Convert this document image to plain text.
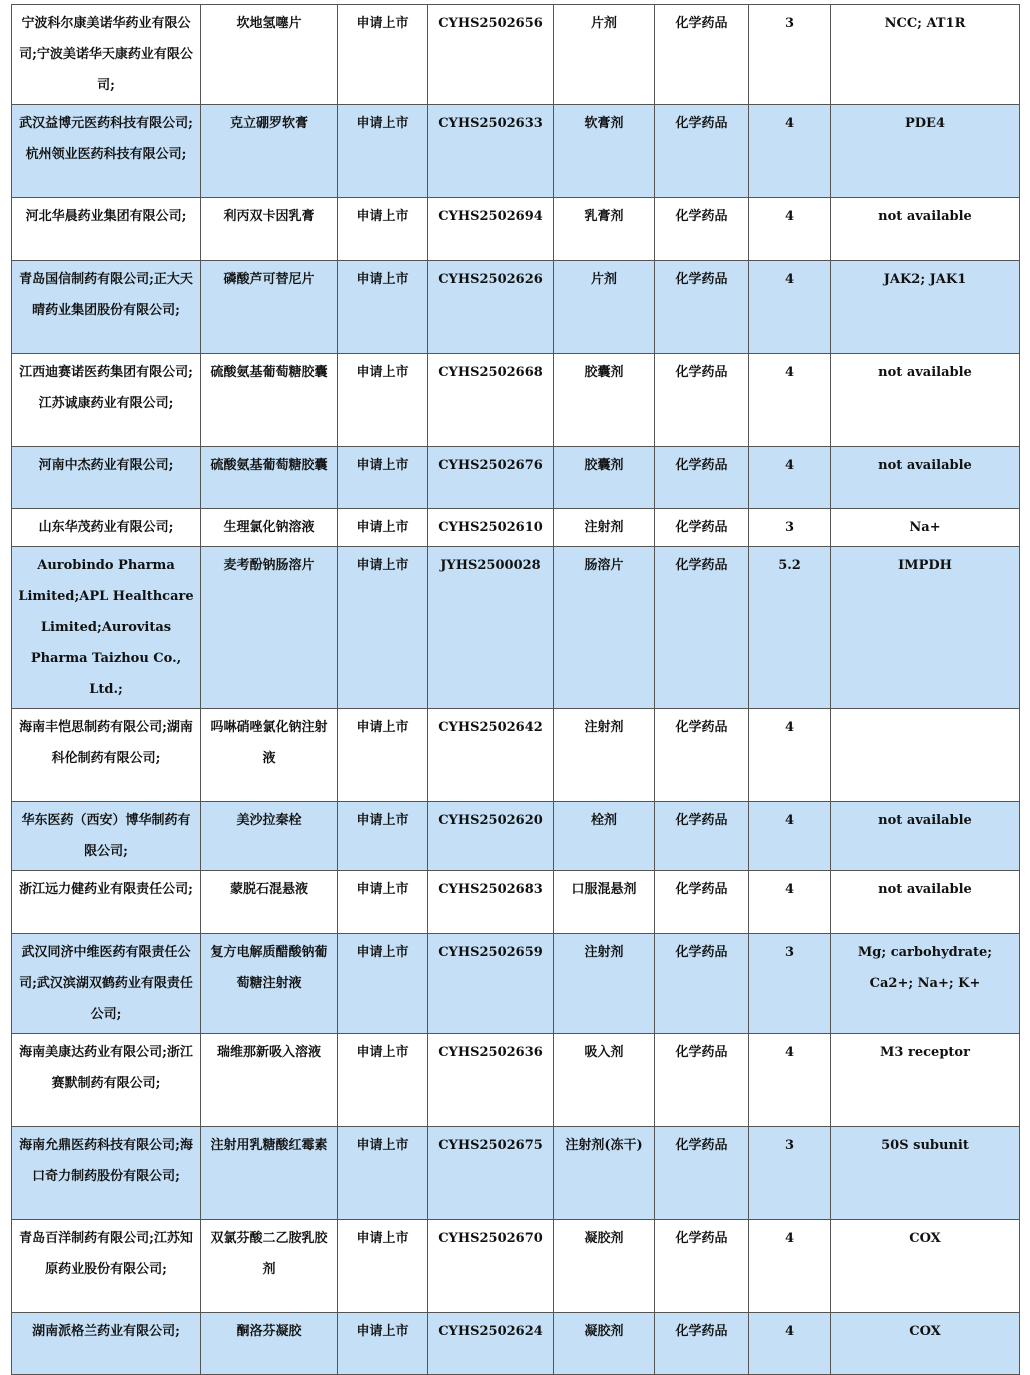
宁波科尔康美诺华药业有限公司;宁波美诺华天康药业有限公司;	坎地氢噻片	申请上市	CYHS2502656	片剂	化学药品	3	NCC; AT1R
武汉益博元医药科技有限公司;杭州领业医药科技有限公司;	克立硼罗软膏	申请上市	CYHS2502633	软膏剂	化学药品	4	PDE4
河北华晨药业集团有限公司;	利丙双卡因乳膏	申请上市	CYHS2502694	乳膏剂	化学药品	4	not available
青岛国信制药有限公司;正大天晴药业集团股份有限公司;	磷酸芦可替尼片	申请上市	CYHS2502626	片剂	化学药品	4	JAK2; JAK1
江西迪赛诺医药集团有限公司;江苏诚康药业有限公司;	硫酸氨基葡萄糖胶囊	申请上市	CYHS2502668	胶囊剂	化学药品	4	not available
河南中杰药业有限公司;	硫酸氨基葡萄糖胶囊	申请上市	CYHS2502676	胶囊剂	化学药品	4	not available
山东华茂药业有限公司;	生理氯化钠溶液	申请上市	CYHS2502610	注射剂	化学药品	3	Na+
Aurobindo Pharma Limited;APL Healthcare Limited;Aurovitas Pharma Taizhou Co., Ltd.;	麦考酚钠肠溶片	申请上市	JYHS2500028	肠溶片	化学药品	5.2	IMPDH
海南丰恺思制药有限公司;湖南科伦制药有限公司;	吗啉硝唑氯化钠注射液	申请上市	CYHS2502642	注射剂	化学药品	4	
华东医药（西安）博华制药有限公司;	美沙拉秦栓	申请上市	CYHS2502620	栓剂	化学药品	4	not available
浙江远力健药业有限责任公司;	蒙脱石混悬液	申请上市	CYHS2502683	口服混悬剂	化学药品	4	not available
武汉同济中维医药有限责任公司;武汉滨湖双鹤药业有限责任公司;	复方电解质醋酸钠葡萄糖注射液	申请上市	CYHS2502659	注射剂	化学药品	3	Mg; carbohydrate; Ca2+; Na+; K+
海南美康达药业有限公司;浙江赛默制药有限公司;	瑞维那新吸入溶液	申请上市	CYHS2502636	吸入剂	化学药品	4	M3 receptor
海南允鼎医药科技有限公司;海口奇力制药股份有限公司;	注射用乳糖酸红霉素	申请上市	CYHS2502675	注射剂(冻干)	化学药品	3	50S subunit
青岛百洋制药有限公司;江苏知原药业股份有限公司;	双氯芬酸二乙胺乳胶剂	申请上市	CYHS2502670	凝胶剂	化学药品	4	COX
湖南派格兰药业有限公司;	酮洛芬凝胶	申请上市	CYHS2502624	凝胶剂	化学药品	4	COX
